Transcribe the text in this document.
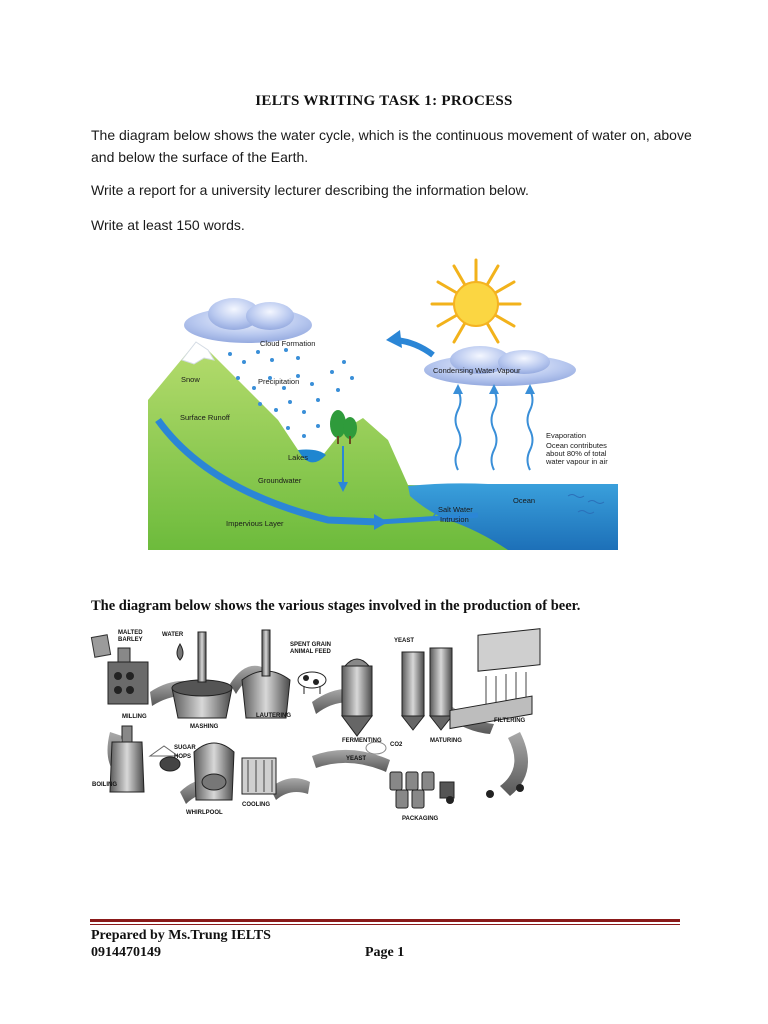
IELTS WRITING TASK 1: PROCESS
The diagram below shows the water cycle, which is the continuous movement of water on, above and below the surface of the Earth.
Write a report for a university lecturer describing the information below.
Write at least 150 words.
Cloud Formation
Condensing Water Vapour
Snow	Precipitation
Surface Runoff
Lakes
Groundwater
Impervious Layer
Salt Water
Intrusion
Ocean
Evaporation
Ocean contributes
about 80% of total
water vapour in air
The diagram below shows the various stages involved in the production of beer.
MALTED
BARLEY
WATER
SPENT GRAIN
ANIMAL FEED
YEAST
MILLING
MASHING
LAUTERING
FERMENTING
CO2
MATURING
FILTERING
YEAST
SUGAR
HOPS
BOILING
WHIRLPOOL
COOLING
PACKAGING
Prepared by Ms.Trung IELTS
0914470149	Page 1
